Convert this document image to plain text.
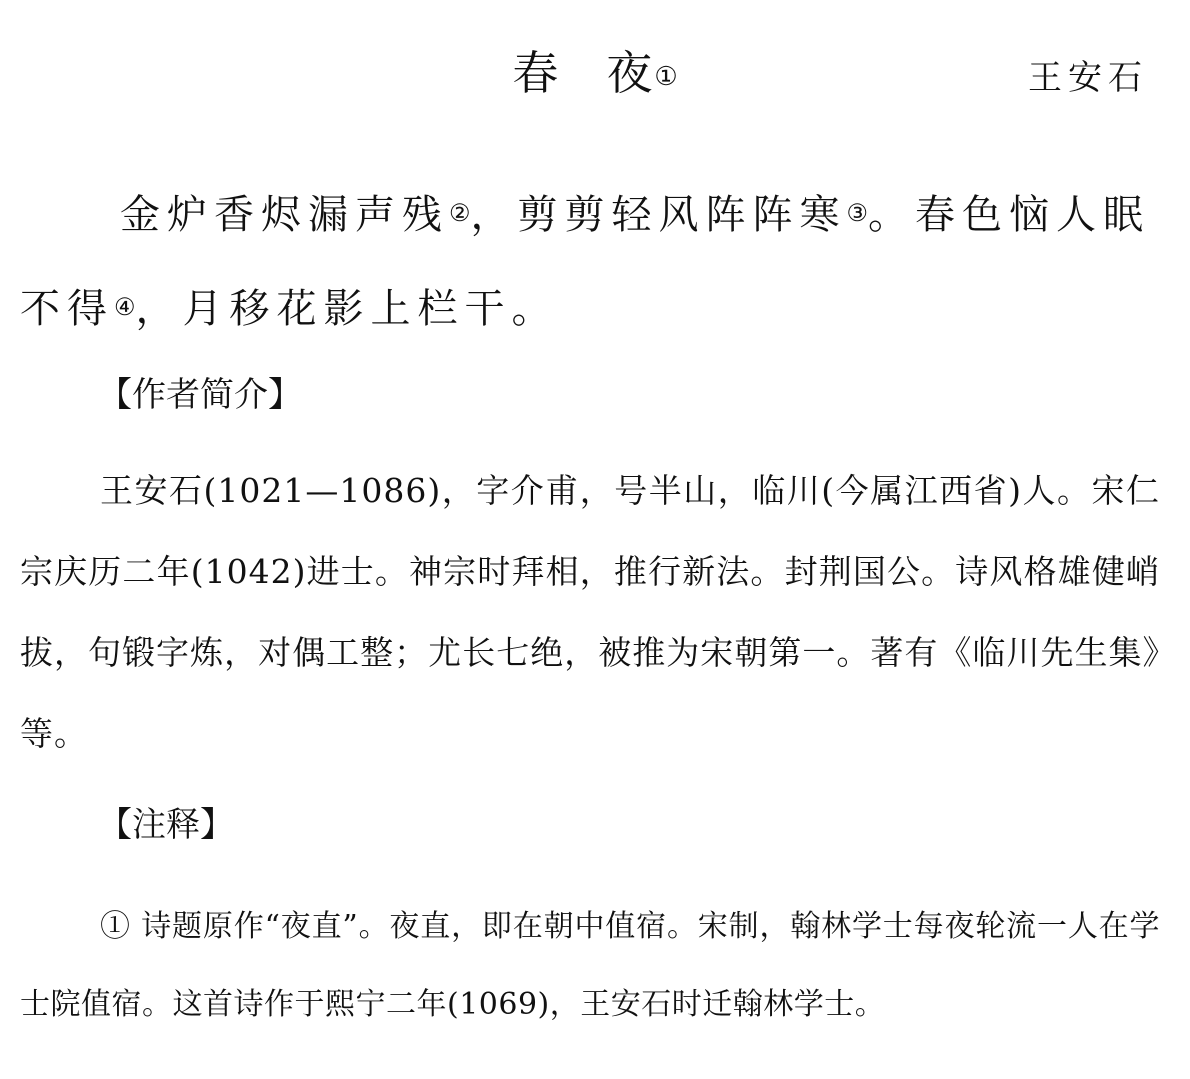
春 夜①	王安石

金炉香烬漏声残②，剪剪轻风阵阵寒③。春色恼人眠不得④，月移花影上栏干。

【作者简介】

王安石(1021—1086)，字介甫，号半山，临川(今属江西省)人。宋仁宗庆历二年(1042)进士。神宗时拜相，推行新法。封荆国公。诗风格雄健峭拔，句锻字炼，对偶工整；尤长七绝，被推为宋朝第一。著有《临川先生集》等。

【注释】

① 诗题原作“夜直”。夜直，即在朝中值宿。宋制，翰林学士每夜轮流一人在学士院值宿。这首诗作于熙宁二年(1069)，王安石时迁翰林学士。
